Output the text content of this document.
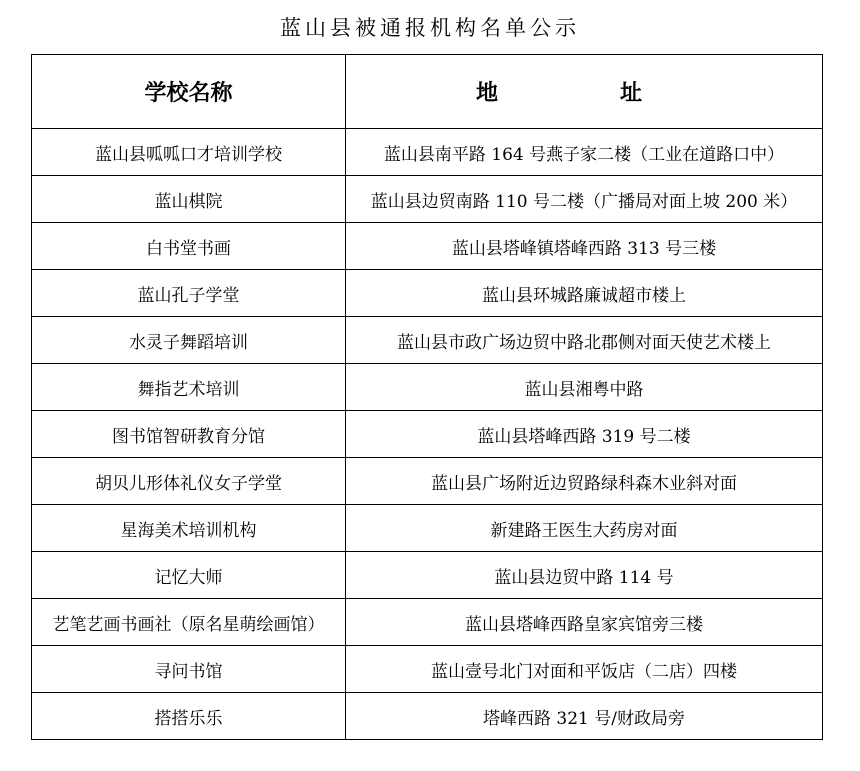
蓝山县被通报机构名单公示
学校名称	地　址
蓝山县呱呱口才培训学校	蓝山县南平路 164 号燕子家二楼（工业在道路口中）
蓝山棋院	蓝山县边贸南路 110 号二楼（广播局对面上坡 200 米）
白书堂书画	蓝山县塔峰镇塔峰西路 313 号三楼
蓝山孔子学堂	蓝山县环城路廉诚超市楼上
水灵子舞蹈培训	蓝山县市政广场边贸中路北郡侧对面天使艺术楼上
舞指艺术培训	蓝山县湘粤中路
图书馆智研教育分馆	蓝山县塔峰西路 319 号二楼
胡贝儿形体礼仪女子学堂	蓝山县广场附近边贸路绿科森木业斜对面
星海美术培训机构	新建路王医生大药房对面
记忆大师	蓝山县边贸中路 114 号
艺笔艺画书画社（原名星萌绘画馆）	蓝山县塔峰西路皇家宾馆旁三楼
寻问书馆	蓝山壹号北门对面和平饭店（二店）四楼
搭搭乐乐	塔峰西路 321 号/财政局旁
